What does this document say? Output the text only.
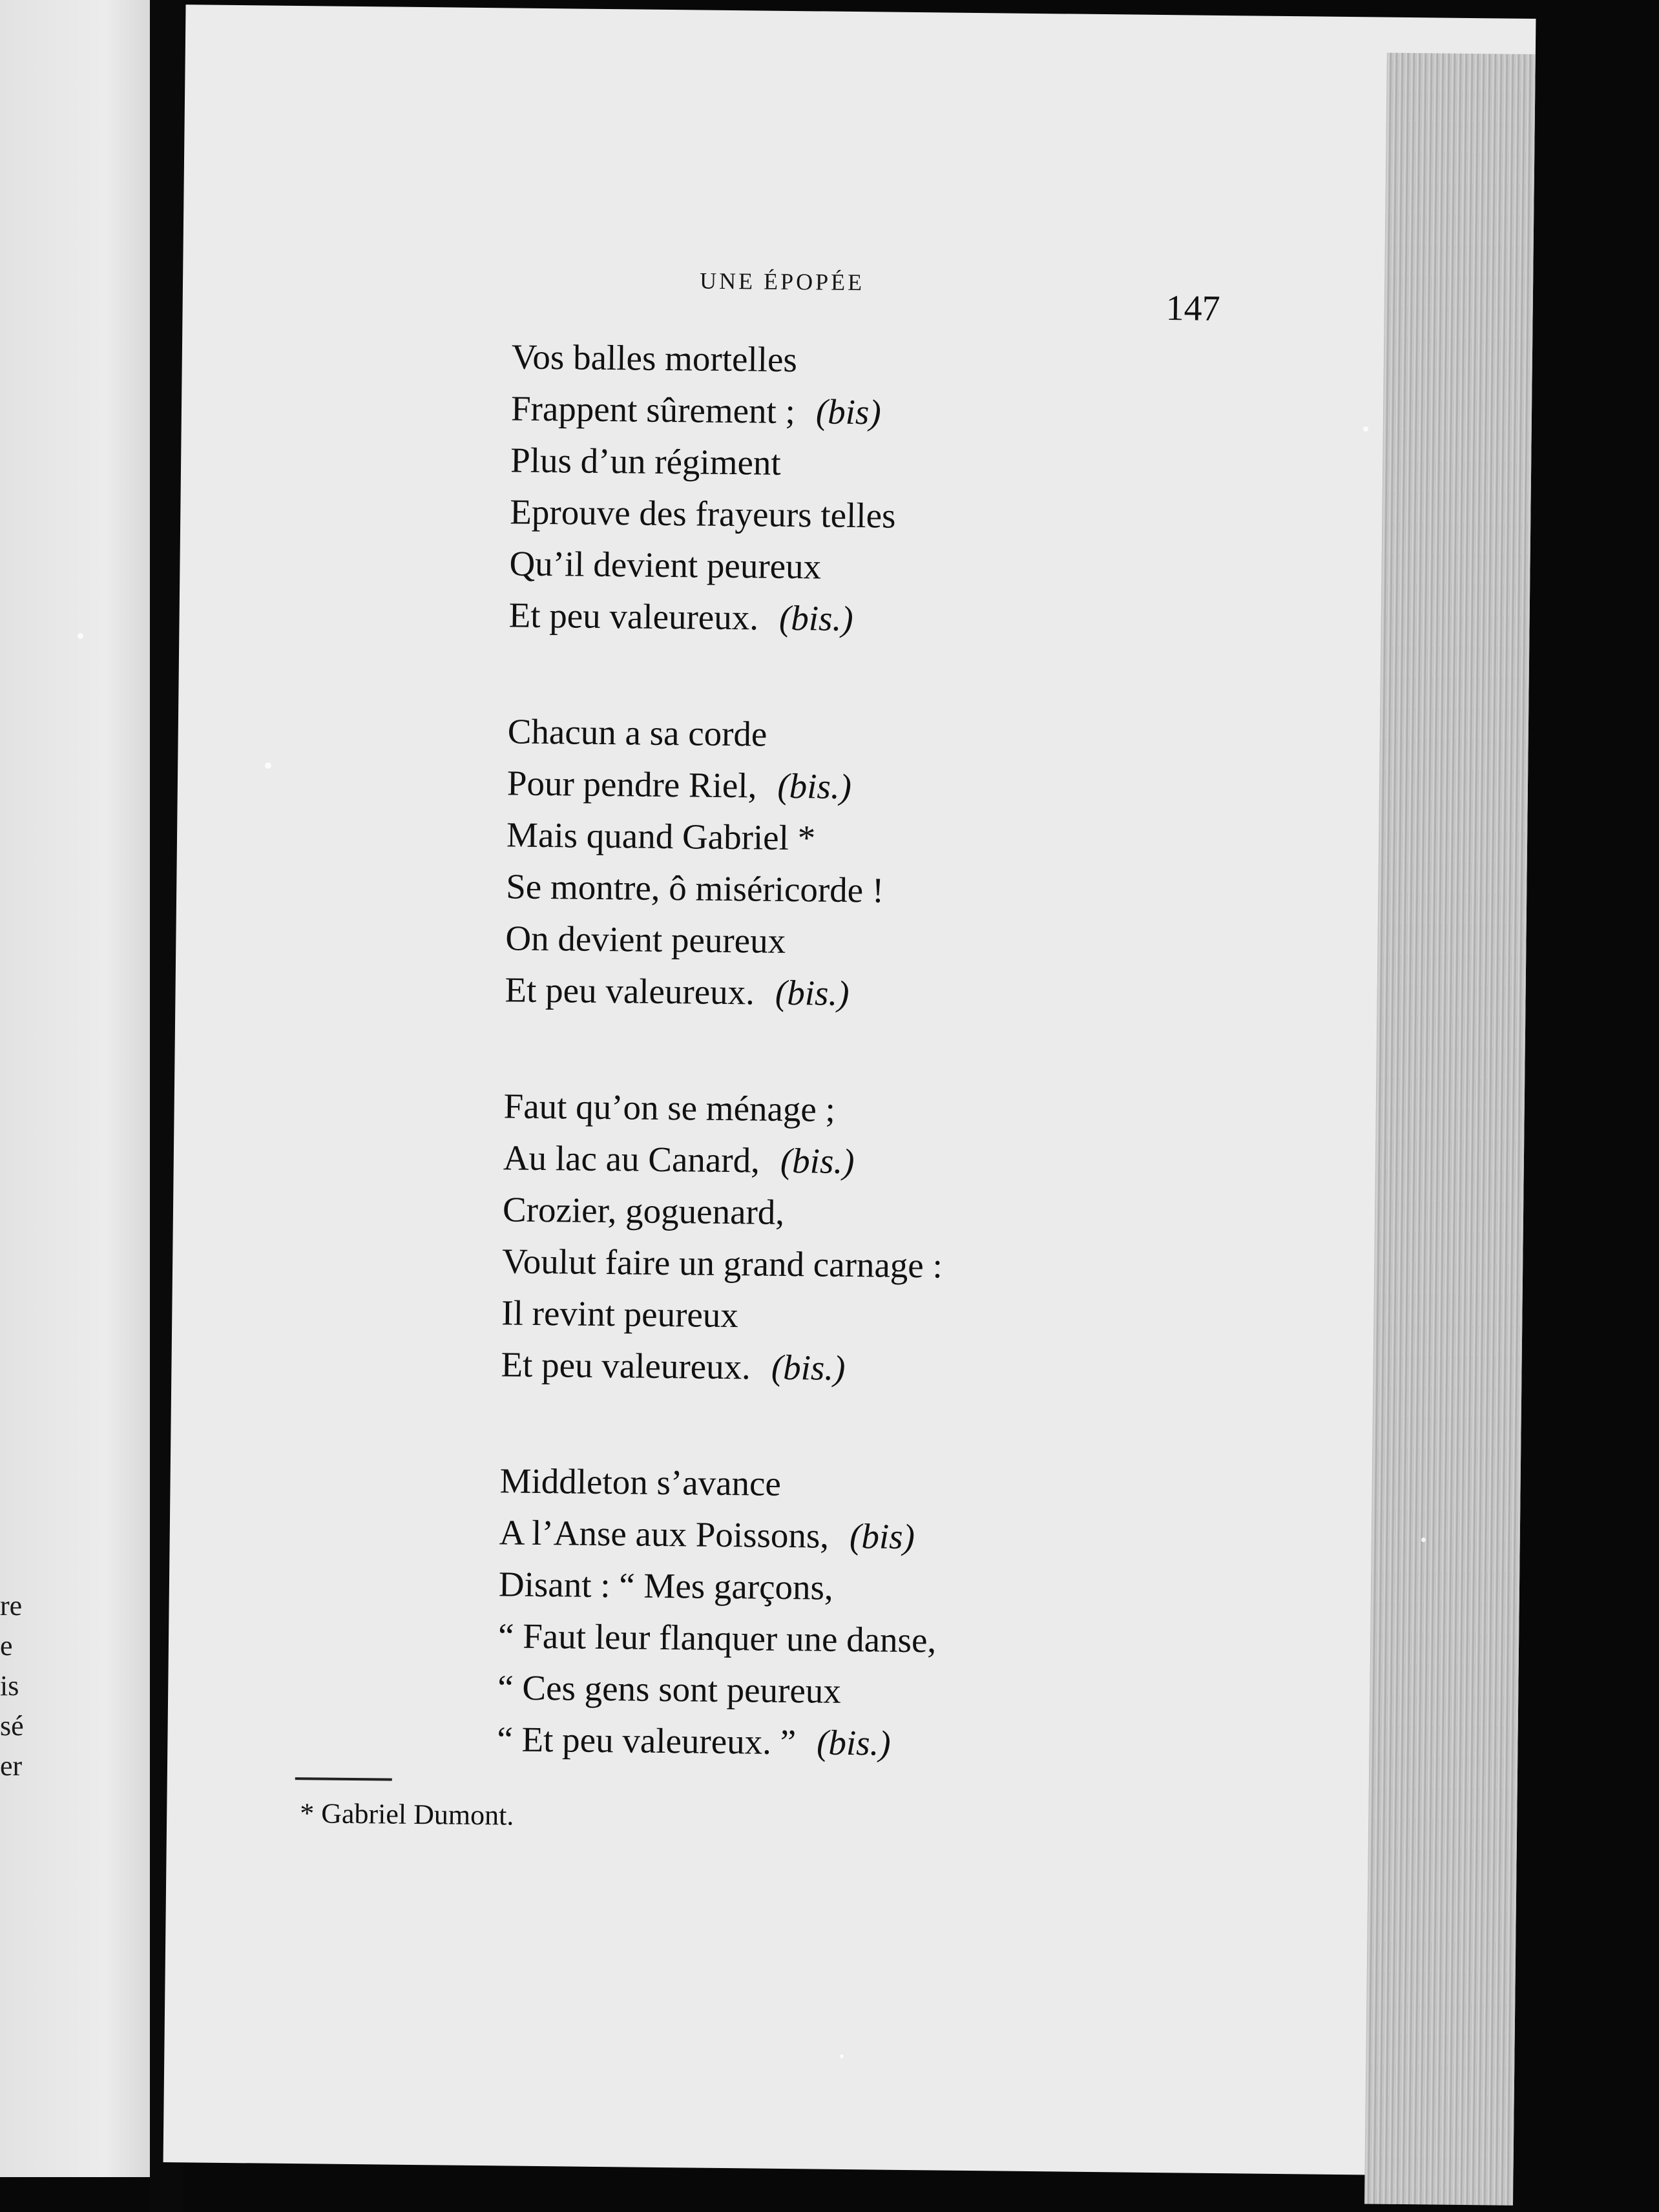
re
e
is
sé
er
UNE ÉPOPÉE
147
Vos balles mortelles
Frappent sûrement ; (bis)
Plus d’un régiment
Eprouve des frayeurs telles
Qu’il devient peureux
Et peu valeureux. (bis.)
Chacun a sa corde
Pour pendre Riel, (bis.)
Mais quand Gabriel *
Se montre, ô miséricorde !
On devient peureux
Et peu valeureux. (bis.)
Faut qu’on se ménage ;
Au lac au Canard, (bis.)
Crozier, goguenard,
Voulut faire un grand carnage :
Il revint peureux
Et peu valeureux. (bis.)
Middleton s’avance
A l’Anse aux Poissons, (bis)
Disant : “ Mes garçons,
“ Faut leur flanquer une danse,
“ Ces gens sont peureux
“ Et peu valeureux. ” (bis.)
* Gabriel Dumont.
